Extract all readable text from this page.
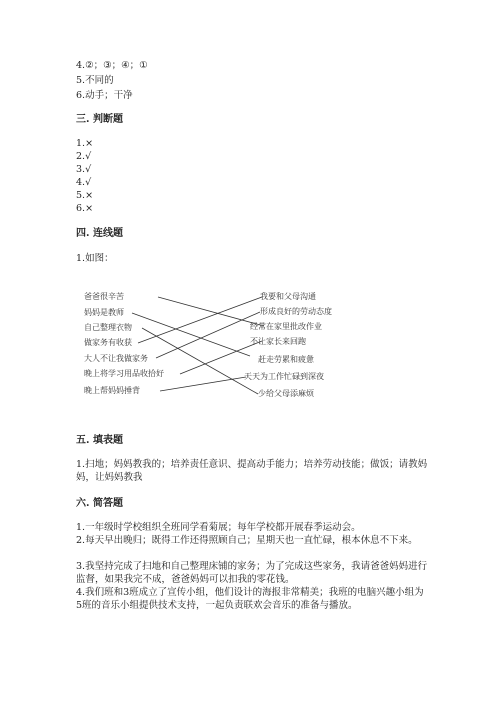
4.②；③；④；①
5.不同的
6.动手；干净
三. 判断题
1.×
2.√
3.√
4.√
5.×
6.×
四. 连线题
1.如图：
爸爸很辛苦
妈妈是教师
自己整理衣物
做家务有收获
大人不让我做家务
晚上将学习用品收拾好
晚上帮妈妈捶背
我要和父母沟通
形成良好的劳动态度
经常在家里批改作业
不让家长来回跑
赶走劳累和疲惫
天天为工作忙碌到深夜
少给父母添麻烦
五. 填表题
1.扫地；妈妈教我的；培养责任意识、提高动手能力；培养劳动技能；做饭；请教妈妈，让妈妈教我
六. 简答题
1.一年级时学校组织全班同学看菊展；每年学校都开展春季运动会。
2.每天早出晚归；既得工作还得照顾自己；星期天也一直忙碌，根本休息不下来。
3.我坚持完成了扫地和自己整理床铺的家务；为了完成这些家务，我请爸爸妈妈进行监督，如果我完不成，爸爸妈妈可以扣我的零花钱。
4.我们班和3班成立了宣传小组，他们设计的海报非常精美；我班的电脑兴趣小组为5班的音乐小组提供技术支持，一起负责联欢会音乐的准备与播放。
